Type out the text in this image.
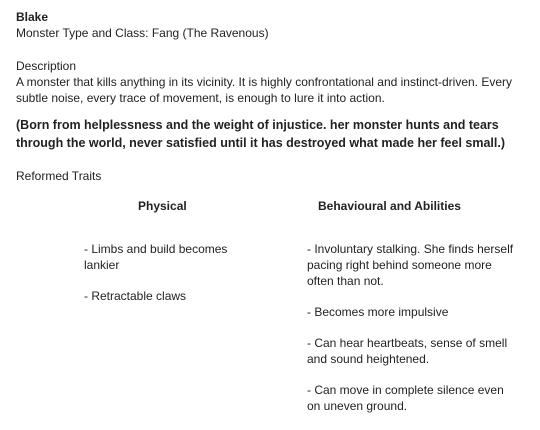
Blake

Monster Type and Class: Fang (The Ravenous)

Description

A monster that kills anything in its vicinity. It is highly confrontational and instinct-driven. Every subtle noise, every trace of movement, is enough to lure it into action.

(Born from helplessness and the weight of injustice. her monster hunts and tears through the world, never satisfied until it has destroyed what made her feel small.)

Reformed Traits

Physical	Behavioural and Abilities

- Limbs and build becomes lankier

- Retractable claws

- Involuntary stalking. She finds herself pacing right behind someone more often than not.

- Becomes more impulsive

- Can hear heartbeats, sense of smell and sound heightened.

- Can move in complete silence even on uneven ground.
